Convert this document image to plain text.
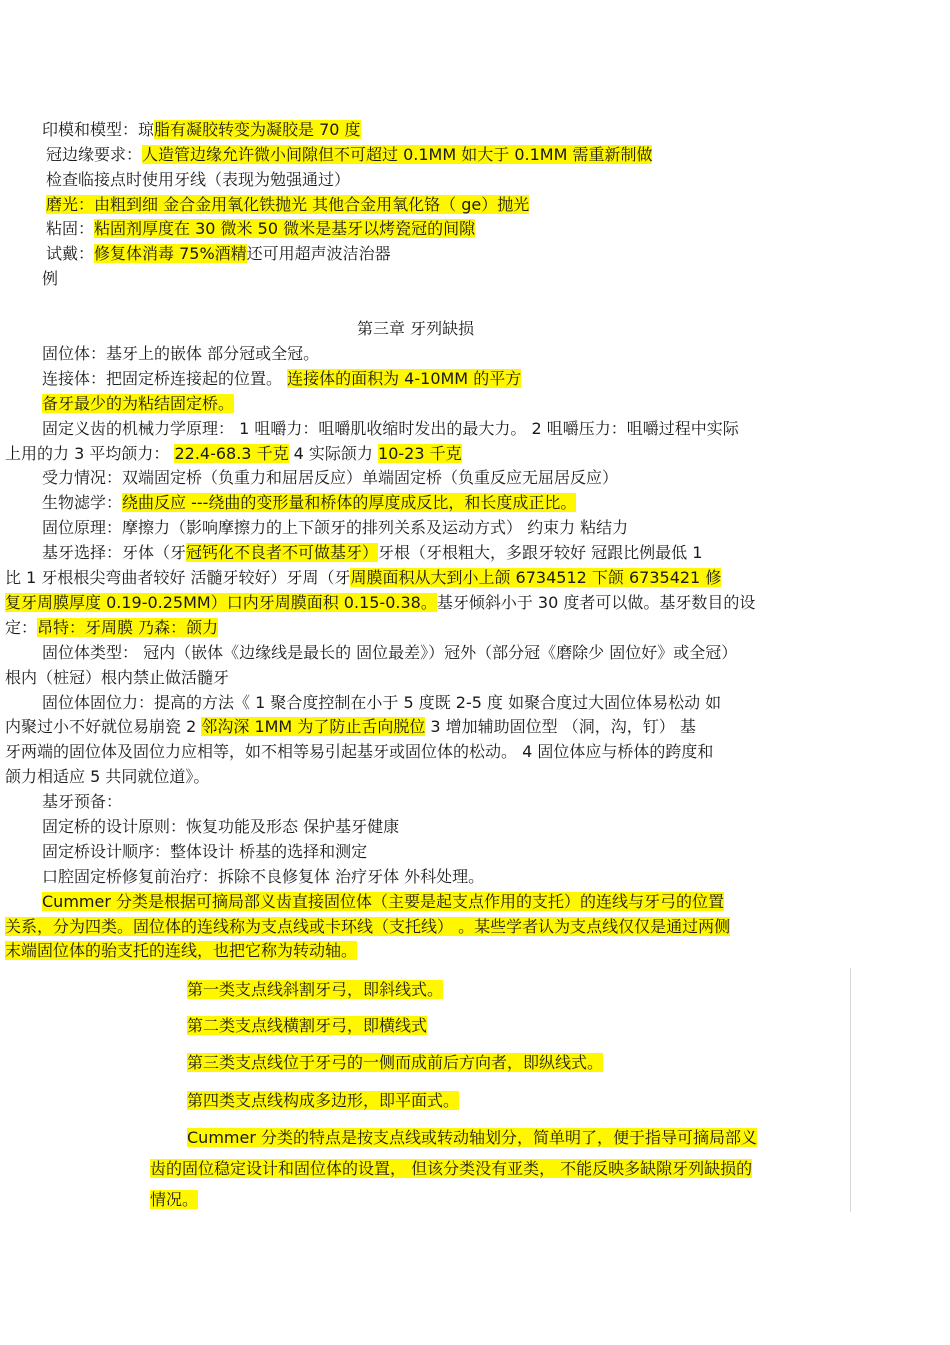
印模和模型：琼脂有凝胶转变为凝胶是 70 度
冠边缘要求：人造管边缘允许微小间隙但不可超过 0.1MM 如大于 0.1MM 需重新制做
检查临接点时使用牙线（表现为勉强通过）
磨光：由粗到细 金合金用氧化铁抛光 其他合金用氧化铬（ ge）抛光
粘固：粘固剂厚度在 30 微米 50 微米是基牙以烤瓷冠的间隙
试戴：修复体消毒 75%酒精还可用超声波洁治器
例
第三章 牙列缺损
固位体：基牙上的嵌体 部分冠或全冠。
连接体：把固定桥连接起的位置。 连接体的面积为 4-10MM 的平方
备牙最少的为粘结固定桥。
固定义齿的机械力学原理： 1 咀嚼力：咀嚼肌收缩时发出的最大力。 2 咀嚼压力：咀嚼过程中实际
上用的力 3 平均颌力： 22.4-68.3 千克 4 实际颌力 10-23 千克
受力情况：双端固定桥（负重力和屈居反应）单端固定桥（负重反应无屈居反应）
生物滤学：绕曲反应 ---绕曲的变形量和桥体的厚度成反比，和长度成正比。
固位原理：摩擦力（影响摩擦力的上下颌牙的排列关系及运动方式） 约束力 粘结力
基牙选择：牙体（牙冠钙化不良者不可做基牙）牙根（牙根粗大，多跟牙较好 冠跟比例最低 1
比 1 牙根根尖弯曲者较好 活髓牙较好）牙周（牙周膜面积从大到小上颌 6734512 下颌 6735421 修
复牙周膜厚度 0.19-0.25MM）口内牙周膜面积 0.15-0.38。基牙倾斜小于 30 度者可以做。基牙数目的设
定：昂特：牙周膜 乃森：颌力
固位体类型： 冠内（嵌体《边缘线是最长的 固位最差》）冠外（部分冠《磨除少 固位好》或全冠）
根内（桩冠）根内禁止做活髓牙
固位体固位力：提高的方法《 1 聚合度控制在小于 5 度既 2-5 度 如聚合度过大固位体易松动 如
内聚过小不好就位易崩瓷 2 邻沟深 1MM 为了防止舌向脱位 3 增加辅助固位型 （洞，沟，钉） 基
牙两端的固位体及固位力应相等，如不相等易引起基牙或固位体的松动。 4 固位体应与桥体的跨度和
颌力相适应 5 共同就位道》。
基牙预备：
固定桥的设计原则：恢复功能及形态 保护基牙健康
固定桥设计顺序：整体设计 桥基的选择和测定
口腔固定桥修复前治疗：拆除不良修复体 治疗牙体 外科处理。
Cummer 分类是根据可摘局部义齿直接固位体（主要是起支点作用的支托）的连线与牙弓的位置
关系，分为四类。固位体的连线称为支点线或卡环线（支托线） 。某些学者认为支点线仅仅是通过两侧
末端固位体的骀支托的连线，也把它称为转动轴。
第一类支点线斜割牙弓，即斜线式。
第二类支点线横割牙弓，即横线式
第三类支点线位于牙弓的一侧而成前后方向者，即纵线式。
第四类支点线构成多边形，即平面式。
Cummer 分类的特点是按支点线或转动轴划分，简单明了，便于指导可摘局部义
齿的固位稳定设计和固位体的设置， 但该分类没有亚类， 不能反映多缺隙牙列缺损的
情况。
